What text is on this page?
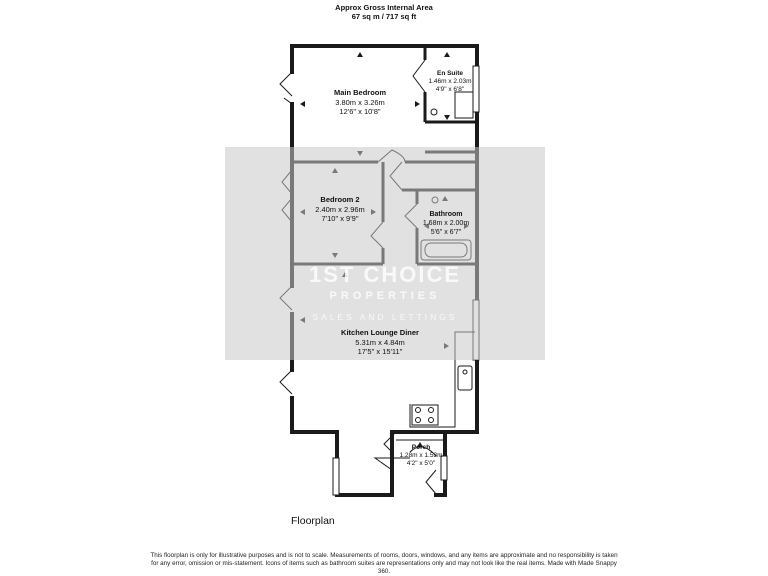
Approx Gross Internal Area
67 sq m / 717 sq ft
1ST CHOICE
PROPERTIES
SALES AND LETTINGS
Main Bedroom
3.80m x 3.26m
12'6" x 10'8"
En Suite
1.46m x 2.03m
4'9" x 6'8"
Bedroom 2
2.40m x 2.96m
7'10" x 9'9"	Bathroom
1.68m x 2.00m
5'6" x 6'7"
Kitchen Lounge Diner
5.31m x 4.84m
17'5" x 15'11"
Porch
1.28m x 1.53m
4'2" x 5'0"
Floorplan
This floorplan is only for illustrative purposes and is not to scale. Measurements of rooms, doors, windows, and any items are approximate and no responsibility is taken for any error, omission or mis-statement. Icons of items such as bathroom suites are representations only and may not look like the real items. Made with Made Snappy 360.
